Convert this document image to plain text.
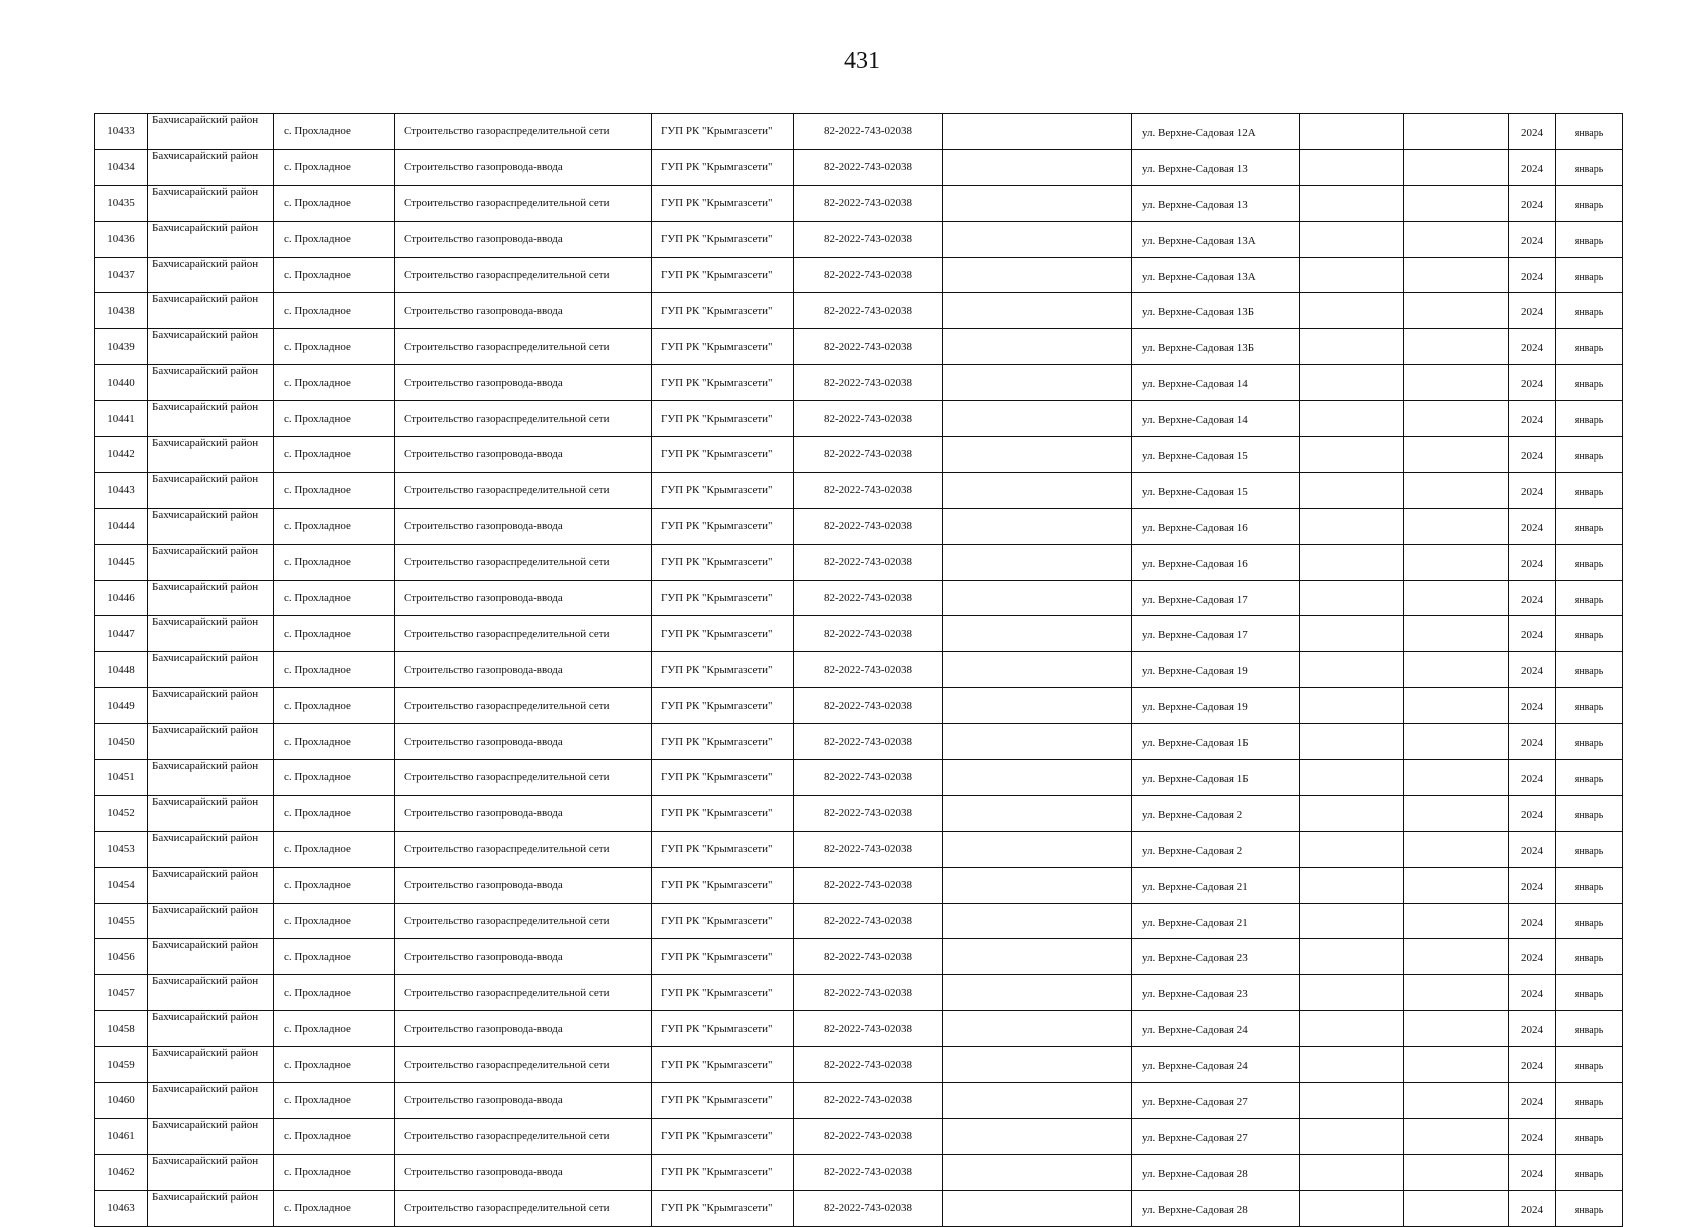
431
10433	Бахчисарайский район	с. Прохладное	Строительство газораспределительной сети	ГУП РК "Крымгазсети"	82-2022-743-02038		ул. Верхне-Садовая 12А			2024	январь
10434	Бахчисарайский район	с. Прохладное	Строительство газопровода-ввода	ГУП РК "Крымгазсети"	82-2022-743-02038		ул. Верхне-Садовая 13			2024	январь
10435	Бахчисарайский район	с. Прохладное	Строительство газораспределительной сети	ГУП РК "Крымгазсети"	82-2022-743-02038		ул. Верхне-Садовая 13			2024	январь
10436	Бахчисарайский район	с. Прохладное	Строительство газопровода-ввода	ГУП РК "Крымгазсети"	82-2022-743-02038		ул. Верхне-Садовая 13А			2024	январь
10437	Бахчисарайский район	с. Прохладное	Строительство газораспределительной сети	ГУП РК "Крымгазсети"	82-2022-743-02038		ул. Верхне-Садовая 13А			2024	январь
10438	Бахчисарайский район	с. Прохладное	Строительство газопровода-ввода	ГУП РК "Крымгазсети"	82-2022-743-02038		ул. Верхне-Садовая 13Б			2024	январь
10439	Бахчисарайский район	с. Прохладное	Строительство газораспределительной сети	ГУП РК "Крымгазсети"	82-2022-743-02038		ул. Верхне-Садовая 13Б			2024	январь
10440	Бахчисарайский район	с. Прохладное	Строительство газопровода-ввода	ГУП РК "Крымгазсети"	82-2022-743-02038		ул. Верхне-Садовая 14			2024	январь
10441	Бахчисарайский район	с. Прохладное	Строительство газораспределительной сети	ГУП РК "Крымгазсети"	82-2022-743-02038		ул. Верхне-Садовая 14			2024	январь
10442	Бахчисарайский район	с. Прохладное	Строительство газопровода-ввода	ГУП РК "Крымгазсети"	82-2022-743-02038		ул. Верхне-Садовая 15			2024	январь
10443	Бахчисарайский район	с. Прохладное	Строительство газораспределительной сети	ГУП РК "Крымгазсети"	82-2022-743-02038		ул. Верхне-Садовая 15			2024	январь
10444	Бахчисарайский район	с. Прохладное	Строительство газопровода-ввода	ГУП РК "Крымгазсети"	82-2022-743-02038		ул. Верхне-Садовая 16			2024	январь
10445	Бахчисарайский район	с. Прохладное	Строительство газораспределительной сети	ГУП РК "Крымгазсети"	82-2022-743-02038		ул. Верхне-Садовая 16			2024	январь
10446	Бахчисарайский район	с. Прохладное	Строительство газопровода-ввода	ГУП РК "Крымгазсети"	82-2022-743-02038		ул. Верхне-Садовая 17			2024	январь
10447	Бахчисарайский район	с. Прохладное	Строительство газораспределительной сети	ГУП РК "Крымгазсети"	82-2022-743-02038		ул. Верхне-Садовая 17			2024	январь
10448	Бахчисарайский район	с. Прохладное	Строительство газопровода-ввода	ГУП РК "Крымгазсети"	82-2022-743-02038		ул. Верхне-Садовая 19			2024	январь
10449	Бахчисарайский район	с. Прохладное	Строительство газораспределительной сети	ГУП РК "Крымгазсети"	82-2022-743-02038		ул. Верхне-Садовая 19			2024	январь
10450	Бахчисарайский район	с. Прохладное	Строительство газопровода-ввода	ГУП РК "Крымгазсети"	82-2022-743-02038		ул. Верхне-Садовая 1Б			2024	январь
10451	Бахчисарайский район	с. Прохладное	Строительство газораспределительной сети	ГУП РК "Крымгазсети"	82-2022-743-02038		ул. Верхне-Садовая 1Б			2024	январь
10452	Бахчисарайский район	с. Прохладное	Строительство газопровода-ввода	ГУП РК "Крымгазсети"	82-2022-743-02038		ул. Верхне-Садовая 2			2024	январь
10453	Бахчисарайский район	с. Прохладное	Строительство газораспределительной сети	ГУП РК "Крымгазсети"	82-2022-743-02038		ул. Верхне-Садовая 2			2024	январь
10454	Бахчисарайский район	с. Прохладное	Строительство газопровода-ввода	ГУП РК "Крымгазсети"	82-2022-743-02038		ул. Верхне-Садовая 21			2024	январь
10455	Бахчисарайский район	с. Прохладное	Строительство газораспределительной сети	ГУП РК "Крымгазсети"	82-2022-743-02038		ул. Верхне-Садовая 21			2024	январь
10456	Бахчисарайский район	с. Прохладное	Строительство газопровода-ввода	ГУП РК "Крымгазсети"	82-2022-743-02038		ул. Верхне-Садовая 23			2024	январь
10457	Бахчисарайский район	с. Прохладное	Строительство газораспределительной сети	ГУП РК "Крымгазсети"	82-2022-743-02038		ул. Верхне-Садовая 23			2024	январь
10458	Бахчисарайский район	с. Прохладное	Строительство газопровода-ввода	ГУП РК "Крымгазсети"	82-2022-743-02038		ул. Верхне-Садовая 24			2024	январь
10459	Бахчисарайский район	с. Прохладное	Строительство газораспределительной сети	ГУП РК "Крымгазсети"	82-2022-743-02038		ул. Верхне-Садовая 24			2024	январь
10460	Бахчисарайский район	с. Прохладное	Строительство газопровода-ввода	ГУП РК "Крымгазсети"	82-2022-743-02038		ул. Верхне-Садовая 27			2024	январь
10461	Бахчисарайский район	с. Прохладное	Строительство газораспределительной сети	ГУП РК "Крымгазсети"	82-2022-743-02038		ул. Верхне-Садовая 27			2024	январь
10462	Бахчисарайский район	с. Прохладное	Строительство газопровода-ввода	ГУП РК "Крымгазсети"	82-2022-743-02038		ул. Верхне-Садовая 28			2024	январь
10463	Бахчисарайский район	с. Прохладное	Строительство газораспределительной сети	ГУП РК "Крымгазсети"	82-2022-743-02038		ул. Верхне-Садовая 28			2024	январь
